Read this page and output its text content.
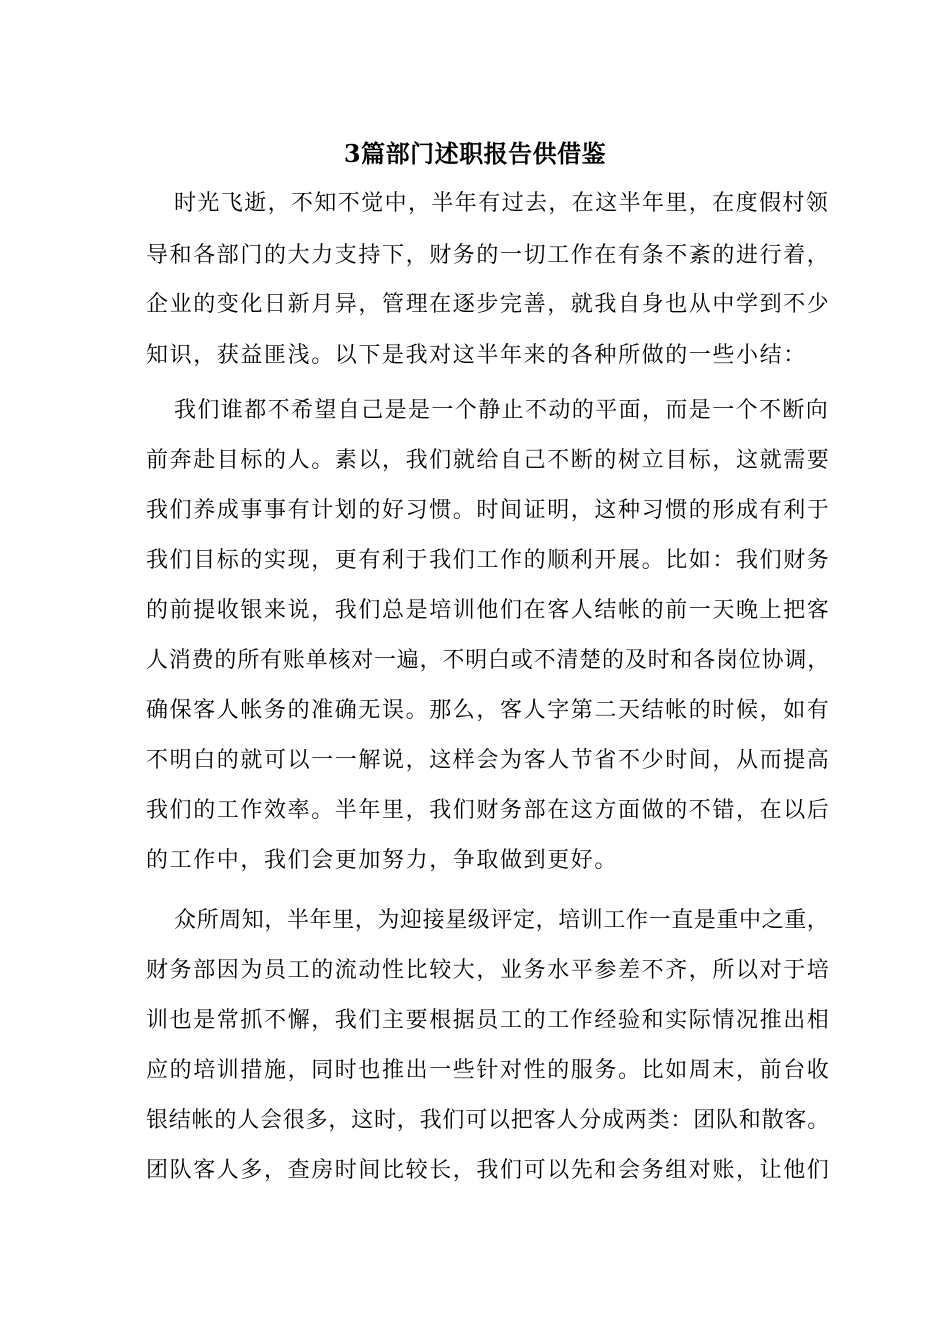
3篇部门述职报告供借鉴
时光飞逝，不知不觉中，半年有过去，在这半年里，在度假村领
导和各部门的大力支持下，财务的一切工作在有条不紊的进行着，
企业的变化日新月异，管理在逐步完善，就我自身也从中学到不少
知识，获益匪浅。以下是我对这半年来的各种所做的一些小结：
我们谁都不希望自己是是一个静止不动的平面，而是一个不断向
前奔赴目标的人。素以，我们就给自己不断的树立目标，这就需要
我们养成事事有计划的好习惯。时间证明，这种习惯的形成有利于
我们目标的实现，更有利于我们工作的顺利开展。比如：我们财务
的前提收银来说，我们总是培训他们在客人结帐的前一天晚上把客
人消费的所有账单核对一遍，不明白或不清楚的及时和各岗位协调，
确保客人帐务的准确无误。那么，客人字第二天结帐的时候，如有
不明白的就可以一一解说，这样会为客人节省不少时间，从而提高
我们的工作效率。半年里，我们财务部在这方面做的不错，在以后
的工作中，我们会更加努力，争取做到更好。
众所周知，半年里，为迎接星级评定，培训工作一直是重中之重，
财务部因为员工的流动性比较大，业务水平参差不齐，所以对于培
训也是常抓不懈，我们主要根据员工的工作经验和实际情况推出相
应的培训措施，同时也推出一些针对性的服务。比如周末，前台收
银结帐的人会很多，这时，我们可以把客人分成两类：团队和散客。
团队客人多，查房时间比较长，我们可以先和会务组对账，让他们
